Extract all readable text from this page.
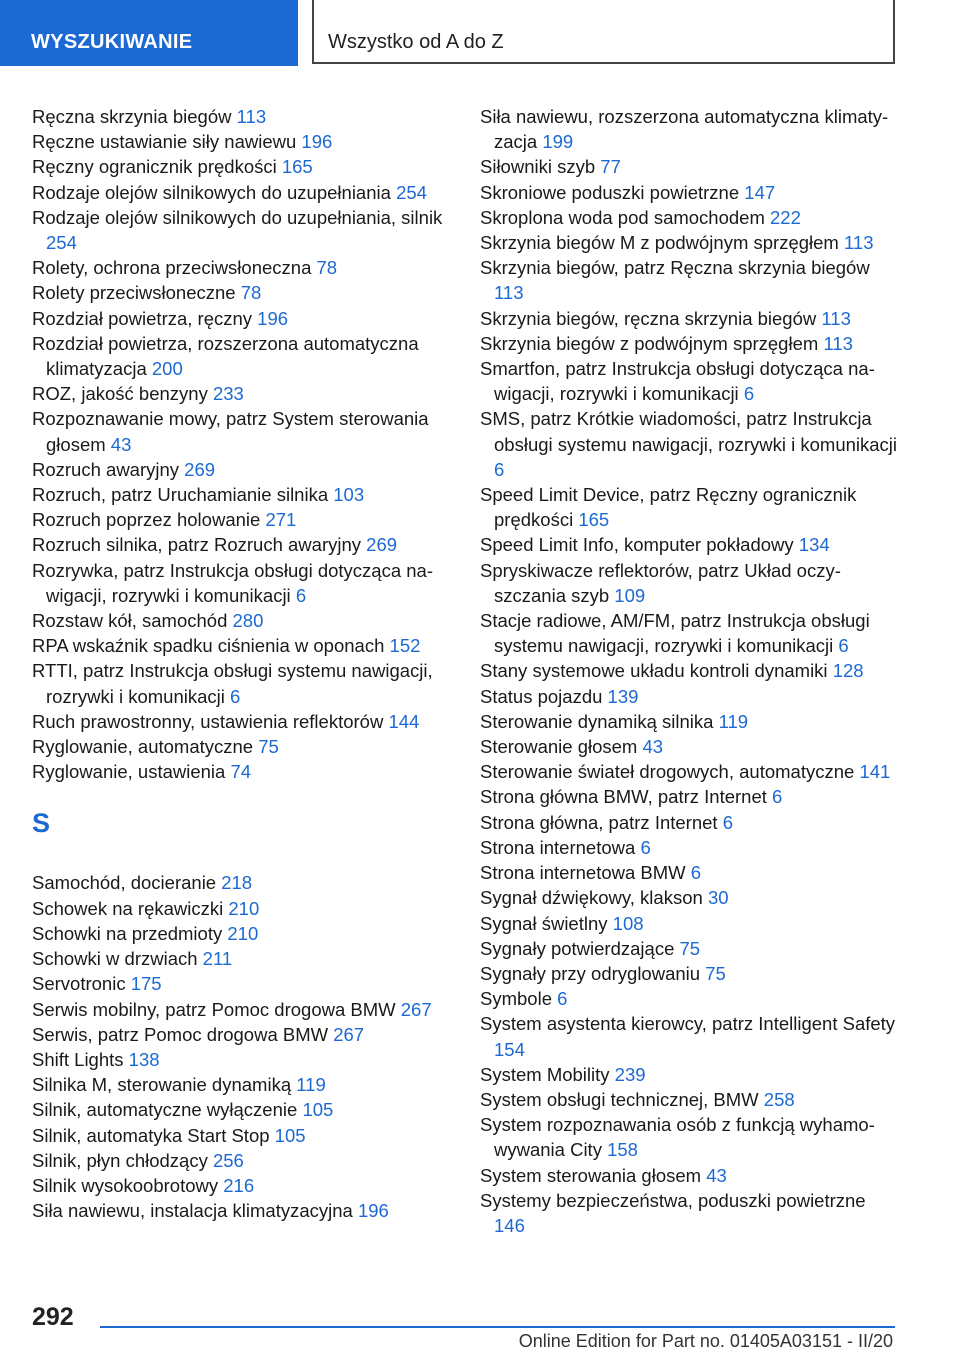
WYSZUKIWANIE	Wszystko od A do Z
Ręczna skrzynia biegów 113
Ręczne ustawianie siły nawiewu 196
Ręczny ogranicznik prędkości 165
Rodzaje olejów silnikowych do uzupełniania 254
Rodzaje olejów silnikowych do uzupełniania, silnik 254
Rolety, ochrona przeciwsłoneczna 78
Rolety przeciwsłoneczne 78
Rozdział powietrza, ręczny 196
Rozdział powietrza, rozszerzona automatyczna klimatyzacja 200
ROZ, jakość benzyny 233
Rozpoznawanie mowy, patrz System sterowania głosem 43
Rozruch awaryjny 269
Rozruch, patrz Uruchamianie silnika 103
Rozruch poprzez holowanie 271
Rozruch silnika, patrz Rozruch awaryjny 269
Rozrywka, patrz Instrukcja obsługi dotycząca nawigacji, rozrywki i komunikacji 6
Rozstaw kół, samochód 280
RPA wskaźnik spadku ciśnienia w oponach 152
RTTI, patrz Instrukcja obsługi systemu nawigacji, rozrywki i komunikacji 6
Ruch prawostronny, ustawienia reflektorów 144
Ryglowanie, automatyczne 75
Ryglowanie, ustawienia 74
S
Samochód, docieranie 218
Schowek na rękawiczki 210
Schowki na przedmioty 210
Schowki w drzwiach 211
Servotronic 175
Serwis mobilny, patrz Pomoc drogowa BMW 267
Serwis, patrz Pomoc drogowa BMW 267
Shift Lights 138
Silnika M, sterowanie dynamiką 119
Silnik, automatyczne wyłączenie 105
Silnik, automatyka Start Stop 105
Silnik, płyn chłodzący 256
Silnik wysokoobrotowy 216
Siła nawiewu, instalacja klimatyzacyjna 196
Siła nawiewu, rozszerzona automatyczna klimatyzacja 199
Siłowniki szyb 77
Skroniowe poduszki powietrzne 147
Skroplona woda pod samochodem 222
Skrzynia biegów M z podwójnym sprzęgłem 113
Skrzynia biegów, patrz Ręczna skrzynia biegów 113
Skrzynia biegów, ręczna skrzynia biegów 113
Skrzynia biegów z podwójnym sprzęgłem 113
Smartfon, patrz Instrukcja obsługi dotycząca nawigacji, rozrywki i komunikacji 6
SMS, patrz Krótkie wiadomości, patrz Instrukcja obsługi systemu nawigacji, rozrywki i komunikacji 6
Speed Limit Device, patrz Ręczny ogranicznik prędkości 165
Speed Limit Info, komputer pokładowy 134
Spryskiwacze reflektorów, patrz Układ oczyszczania szyb 109
Stacje radiowe, AM/FM, patrz Instrukcja obsługi systemu nawigacji, rozrywki i komunikacji 6
Stany systemowe układu kontroli dynamiki 128
Status pojazdu 139
Sterowanie dynamiką silnika 119
Sterowanie głosem 43
Sterowanie świateł drogowych, automatyczne 141
Strona główna BMW, patrz Internet 6
Strona główna, patrz Internet 6
Strona internetowa 6
Strona internetowa BMW 6
Sygnał dźwiękowy, klakson 30
Sygnał świetlny 108
Sygnały potwierdzające 75
Sygnały przy odryglowaniu 75
Symbole 6
System asystenta kierowcy, patrz Intelligent Safety 154
System Mobility 239
System obsługi technicznej, BMW 258
System rozpoznawania osób z funkcją wyhamowywania City 158
System sterowania głosem 43
Systemy bezpieczeństwa, poduszki powietrzne 146
292
Online Edition for Part no. 01405A03151 - II/20
